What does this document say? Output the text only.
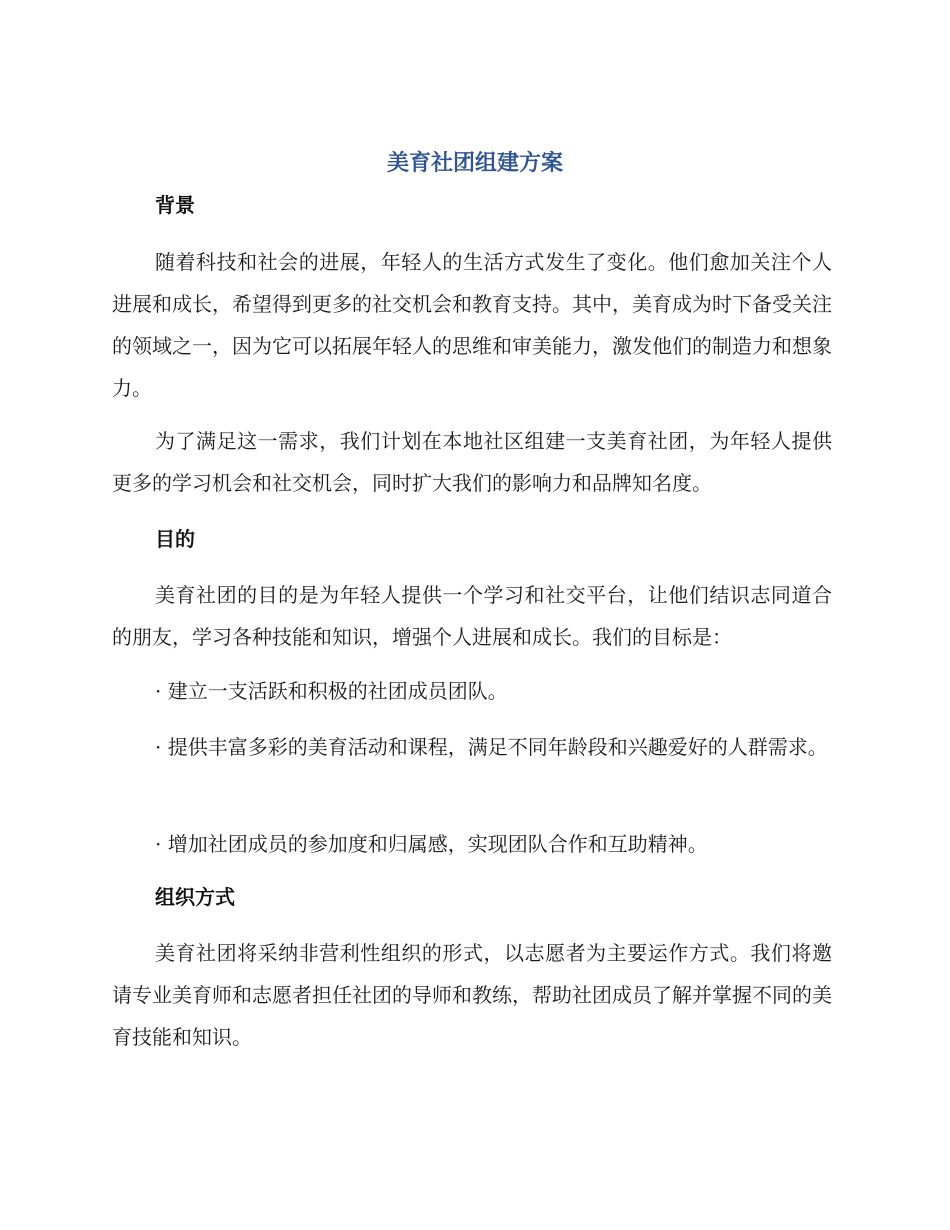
美育社团组建方案
背景

随着科技和社会的进展，年轻人的生活方式发生了变化。他们愈加关注个人进展和成长，希望得到更多的社交机会和教育支持。其中，美育成为时下备受关注的领域之一，因为它可以拓展年轻人的思维和审美能力，激发他们的制造力和想象力。

为了满足这一需求，我们计划在本地社区组建一支美育社团，为年轻人提供更多的学习机会和社交机会，同时扩大我们的影响力和品牌知名度。

目的

美育社团的目的是为年轻人提供一个学习和社交平台，让他们结识志同道合的朋友，学习各种技能和知识，增强个人进展和成长。我们的目标是：

· 建立一支活跃和积极的社团成员团队。

· 提供丰富多彩的美育活动和课程，满足不同年龄段和兴趣爱好的人群需求。

· 增加社团成员的参加度和归属感，实现团队合作和互助精神。

组织方式

美育社团将采纳非营利性组织的形式，以志愿者为主要运作方式。我们将邀请专业美育师和志愿者担任社团的导师和教练，帮助社团成员了解并掌握不同的美育技能和知识。
